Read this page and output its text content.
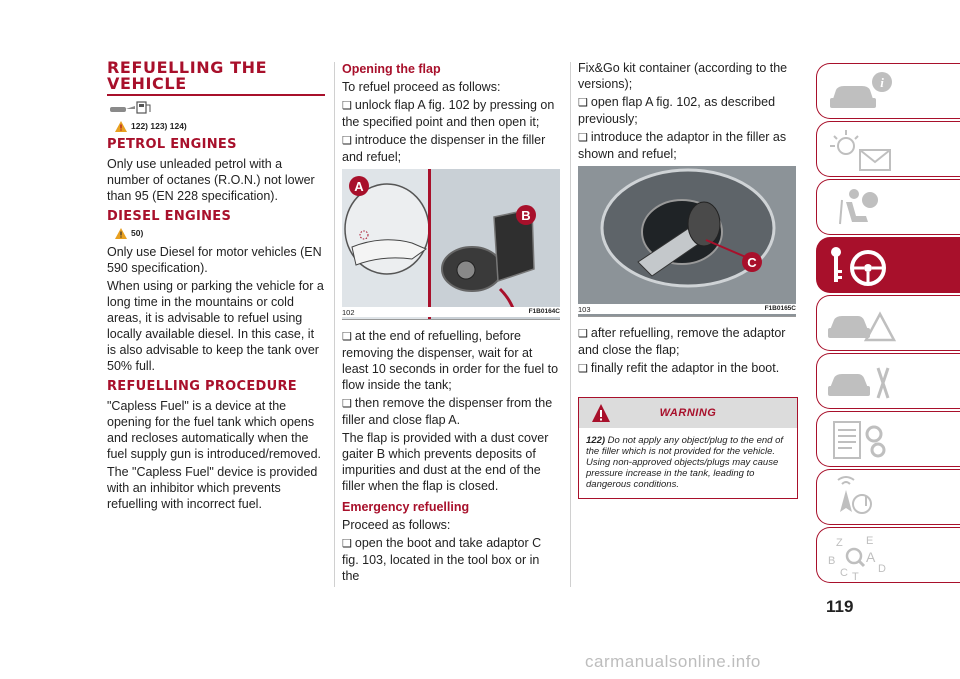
REFUELLING THE VEHICLE
122) 123) 124)
PETROL ENGINES

Only use unleaded petrol with a number of octanes (R.O.N.) not lower than 95 (EN 228 specification).

DIESEL ENGINES
50)

Only use Diesel for motor vehicles (EN 590 specification).

When using or parking the vehicle for a long time in the mountains or cold areas, it is advisable to refuel using locally available diesel. In this case, it is also advisable to keep the tank over 50% full.

REFUELLING PROCEDURE

"Capless Fuel" is a device at the opening for the fuel tank which opens and recloses automatically when the fuel supply gun is introduced/removed.

The "Capless Fuel" device is provided with an inhibitor which prevents refuelling with incorrect fuel.

Opening the flap

To refuel proceed as follows:

❑ unlock flap A fig. 102 by pressing on the specified point and then open it;

❑ introduce the dispenser in the filler and refuel;

A
B
102	F1B0164C

❑ at the end of refuelling, before removing the dispenser, wait for at least 10 seconds in order for the fuel to flow inside the tank;

❑ then remove the dispenser from the filler and close flap A.

The flap is provided with a dust cover gaiter B which prevents deposits of impurities and dust at the end of the filler when the flap is closed.

Emergency refuelling

Proceed as follows:

❑ open the boot and take adaptor C fig. 103, located in the tool box or in the

Fix&Go kit container (according to the versions);

❑ open flap A fig. 102, as described previously;

❑ introduce the adaptor in the filler as shown and refuel;

C
103	F1B0165C

❑ after refuelling, remove the adaptor and close the flap;

❑ finally refit the adaptor in the boot.

WARNING
122) Do not apply any object/plug to the end of the filler which is not provided for the vehicle. Using non-approved objects/plugs may cause pressure increase in the tank, leading to dangerous conditions.
i
Z E
B A
C	D
T
119
carmanualsonline.info
